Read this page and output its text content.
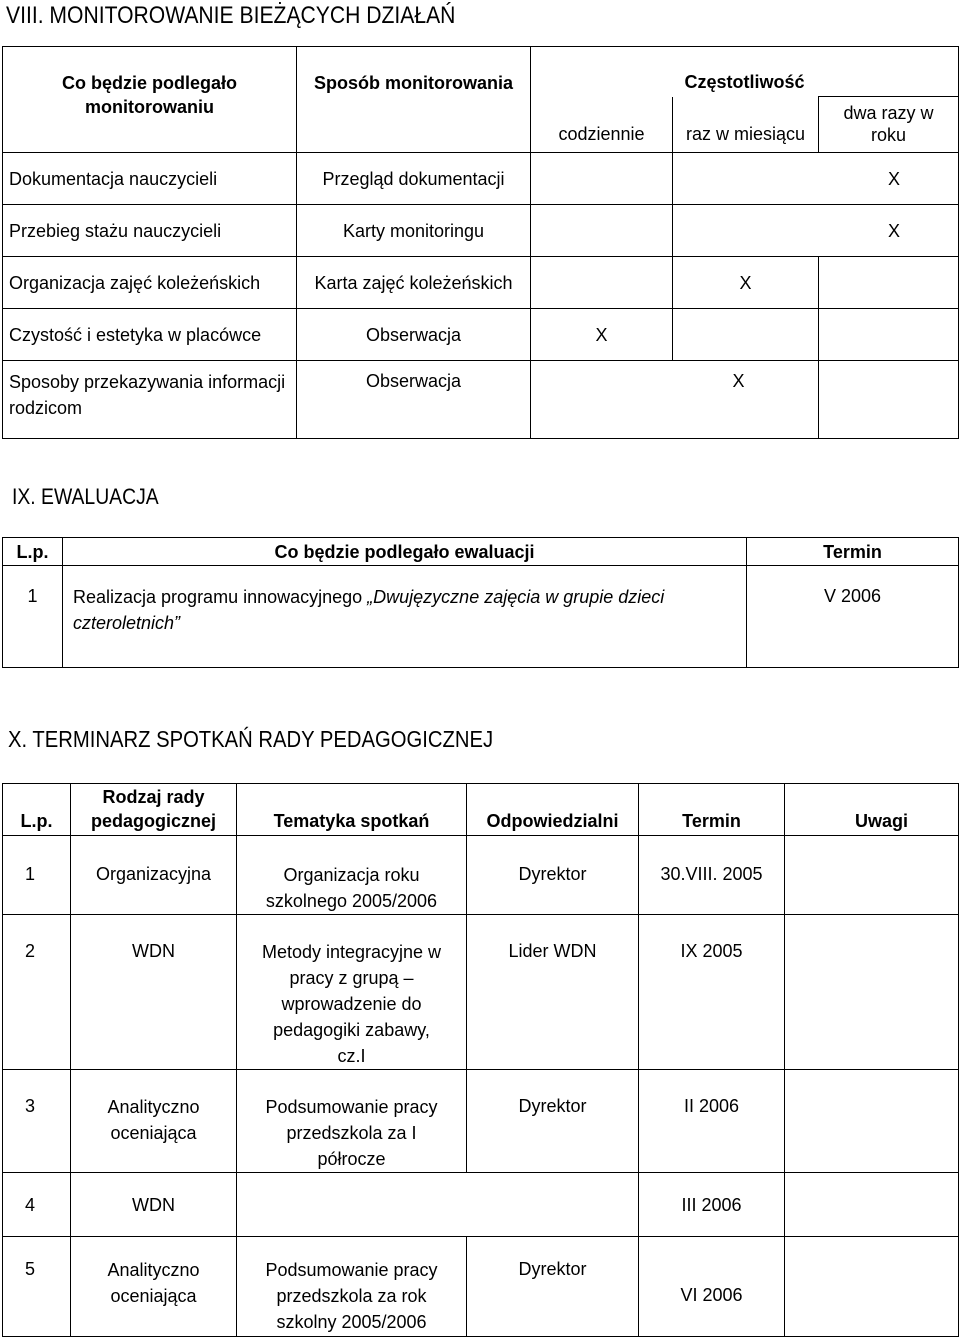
VIII. MONITOROWANIE BIEŻĄCYCH DZIAŁAŃ
Co będzie podlegało monitorowaniu	Sposób monitorowania	Częstotliwość		
		codziennie	raz w miesiącu	dwa razy w roku
Dokumentacja nauczycieli	Przegląd dokumentacji			X
Przebieg stażu nauczycieli	Karty monitoringu			X
Organizacja zajęć koleżeńskich	Karta zajęć koleżeńskich		X	
Czystość i estetyka w placówce	Obserwacja	X		
Sposoby przekazywania informacji rodzicom	Obserwacja		X	
IX. EWALUACJA
L.p.	Co będzie podlegało ewaluacji	Termin
1	Realizacja programu innowacyjnego „Dwujęzyczne zajęcia w grupie dzieci czteroletnich”	V 2006
X. TERMINARZ SPOTKAŃ RADY PEDAGOGICZNEJ
L.p.	Rodzaj rady pedagogicznej	Tematyka spotkań	Odpowiedzialni	Termin	Uwagi
1	Organizacyjna	Organizacja roku szkolnego 2005/2006	Dyrektor	30.VIII. 2005	
2	WDN	Metody integracyjne w pracy z grupą – wprowadzenie do pedagogiki zabawy, cz.I	Lider WDN	IX 2005	
3	Analityczno oceniająca	Podsumowanie pracy przedszkola za I półrocze	Dyrektor	II 2006	
4	WDN			III 2006	
5	Analityczno oceniająca	Podsumowanie pracy przedszkola za rok szkolny 2005/2006	Dyrektor	VI 2006	
